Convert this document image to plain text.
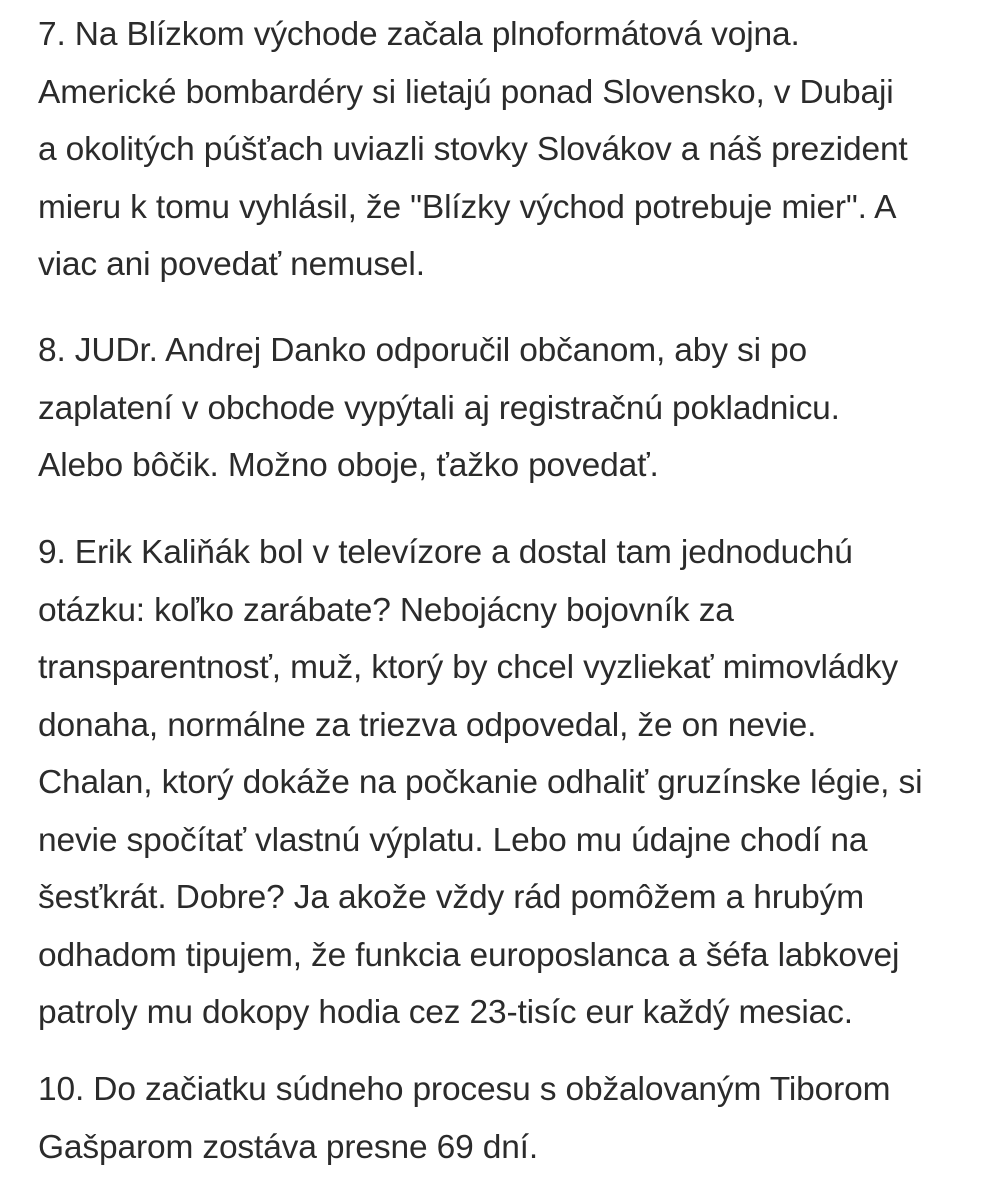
7. Na Blízkom východe začala plnoformátová vojna.
Americké bombardéry si lietajú ponad Slovensko, v Dubaji
a okolitých púšťach uviazli stovky Slovákov a náš prezident
mieru k tomu vyhlásil, že "Blízky východ potrebuje mier". A
viac ani povedať nemusel.

8. JUDr. Andrej Danko odporučil občanom, aby si po
zaplatení v obchode vypýtali aj registračnú pokladnicu.
Alebo bôčik. Možno oboje, ťažko povedať.

9. Erik Kaliňák bol v televízore a dostal tam jednoduchú
otázku: koľko zarábate? Nebojácny bojovník za
transparentnosť, muž, ktorý by chcel vyzliekať mimovládky
donaha, normálne za triezva odpovedal, že on nevie.
Chalan, ktorý dokáže na počkanie odhaliť gruzínske légie, si
nevie spočítať vlastnú výplatu. Lebo mu údajne chodí na
šesťkrát. Dobre? Ja akože vždy rád pomôžem a hrubým
odhadom tipujem, že funkcia europoslanca a šéfa labkovej
patroly mu dokopy hodia cez 23-tisíc eur každý mesiac.

10. Do začiatku súdneho procesu s obžalovaným Tiborom
Gašparom zostáva presne 69 dní.
